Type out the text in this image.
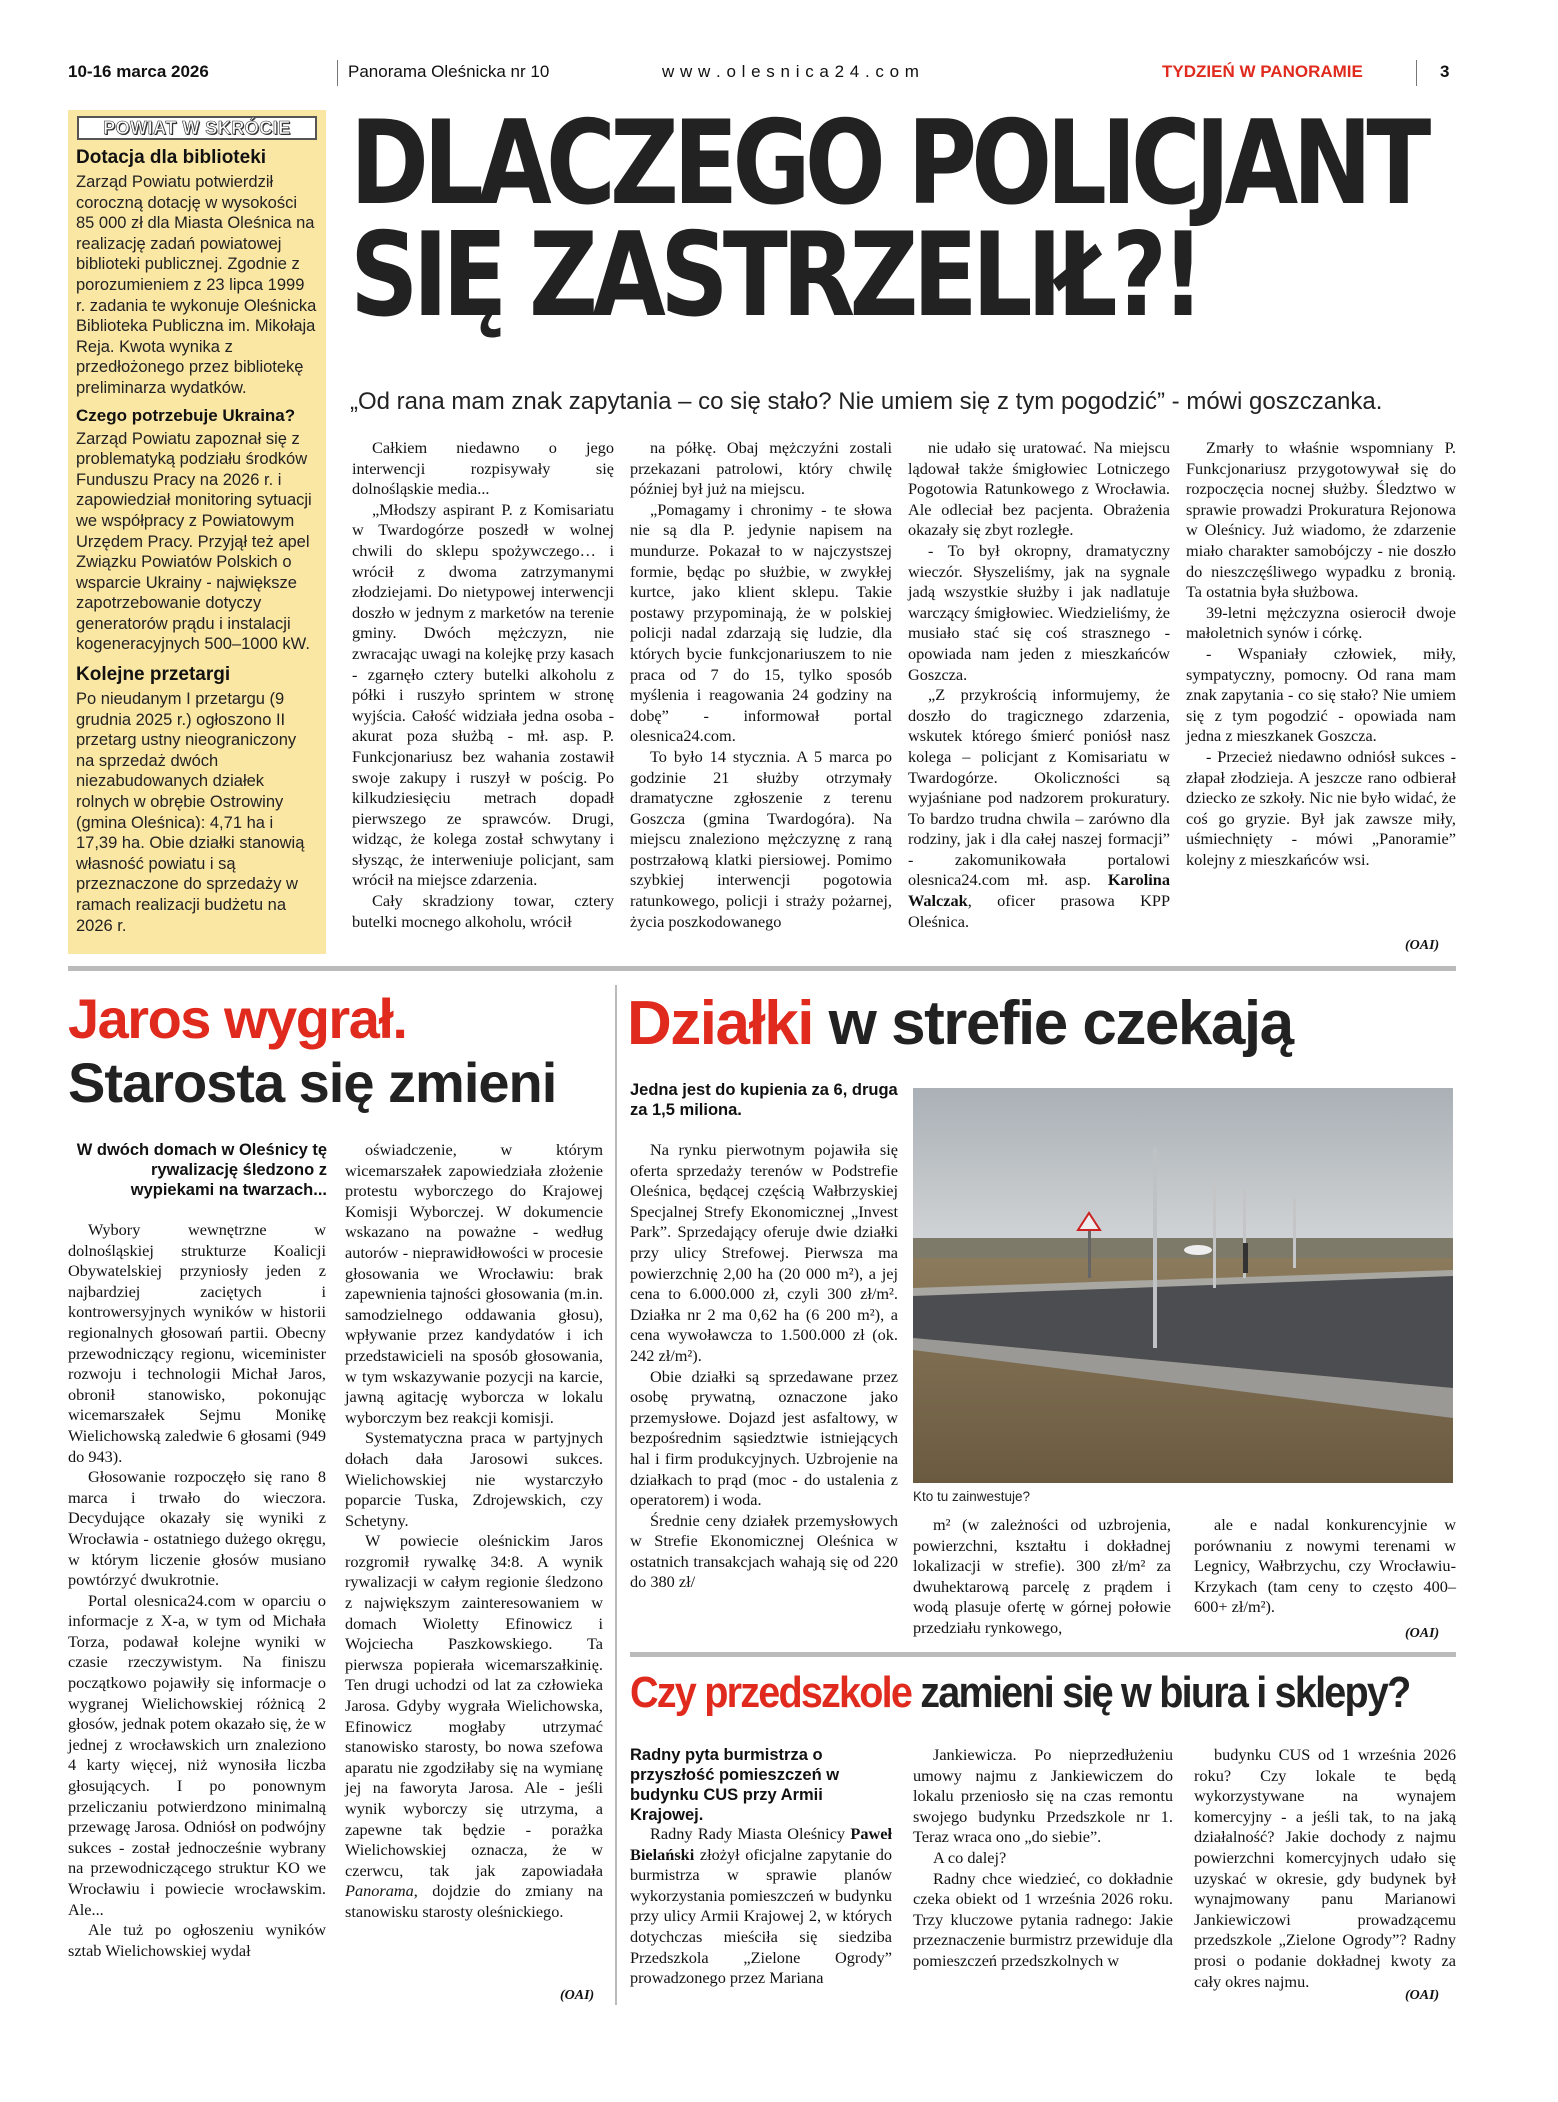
10-16 marca 2026	Panorama Oleśnicka nr 10	w w w . o l e s n i c a 2 4 . c o m	TYDZIEŃ W PANORAMIE	3
POWIAT W SKRÓCIE
Dotacja dla biblioteki
Zarząd Powiatu potwierdził coroczną dotację w wysokości 85 000 zł dla Miasta Oleśnica na realizację zadań powiatowej biblioteki publicznej. Zgodnie z porozumieniem z 23 lipca 1999 r. zadania te wykonuje Oleśnicka Biblioteka Publiczna im. Mikołaja Reja. Kwota wynika z przedłożonego przez bibliotekę preliminarza wydatków.
Czego potrzebuje Ukraina?
Zarząd Powiatu zapoznał się z problematyką podziału środków Funduszu Pracy na 2026 r. i zapowiedział monitoring sytuacji we współpracy z Powiatowym Urzędem Pracy. Przyjął też apel Związku Powiatów Polskich o wsparcie Ukrainy - największe zapotrzebowanie dotyczy generatorów prądu i instalacji kogeneracyjnych 500–1000 kW.
Kolejne przetargi
Po nieudanym I przetargu (9 grudnia 2025 r.) ogłoszono II przetarg ustny nieograniczony na sprzedaż dwóch niezabudowanych działek rolnych w obrębie Ostrowiny (gmina Oleśnica): 4,71 ha i 17,39 ha. Obie działki stanowią własność powiatu i są przeznaczone do sprzedaży w ramach realizacji budżetu na 2026 r.
DLACZEGO POLICJANT
SIĘ ZASTRZELIŁ?!
„Od rana mam znak zapytania – co się stało? Nie umiem się z tym pogodzić” - mówi goszczanka.

Całkiem niedawno o jego interwencji rozpisywały się dolnośląskie media...

„Młodszy aspirant P. z Komisariatu w Twardogórze poszedł w wolnej chwili do sklepu spożywczego… i wrócił z dwoma zatrzymanymi złodziejami. Do nietypowej interwencji doszło w jednym z marketów na terenie gminy. Dwóch mężczyzn, nie zwracając uwagi na kolejkę przy kasach - zgarnęło cztery butelki alkoholu z półki i ruszyło sprintem w stronę wyjścia. Całość widziała jedna osoba - akurat poza służbą - mł. asp. P. Funkcjonariusz bez wahania zostawił swoje zakupy i ruszył w pościg. Po kilkudziesięciu metrach dopadł pierwszego ze sprawców. Drugi, widząc, że kolega został schwytany i słysząc, że interweniuje policjant, sam wrócił na miejsce zdarzenia.

Cały skradziony towar, cztery butelki mocnego alkoholu, wrócił

na półkę. Obaj mężczyźni zostali przekazani patrolowi, który chwilę później był już na miejscu.

„Pomagamy i chronimy - te słowa nie są dla P. jedynie napisem na mundurze. Pokazał to w najczystszej formie, będąc po służbie, w zwykłej kurtce, jako klient sklepu. Takie postawy przypominają, że w polskiej policji nadal zdarzają się ludzie, dla których bycie funkcjonariuszem to nie praca od 7 do 15, tylko sposób myślenia i reagowania 24 godziny na dobę” - informował portal olesnica24.com.

To było 14 stycznia. A 5 marca po godzinie 21 służby otrzymały dramatyczne zgłoszenie z terenu Goszcza (gmina Twardogóra). Na miejscu znaleziono mężczyznę z raną postrzałową klatki piersiowej. Pomimo szybkiej interwencji pogotowia ratunkowego, policji i straży pożarnej, życia poszkodowanego

nie udało się uratować. Na miejscu lądował także śmigłowiec Lotniczego Pogotowia Ratunkowego z Wrocławia. Ale odleciał bez pacjenta. Obrażenia okazały się zbyt rozległe.

- To był okropny, dramatyczny wieczór. Słyszeliśmy, jak na sygnale jadą wszystkie służby i jak nadlatuje warczący śmigłowiec. Wiedzieliśmy, że musiało stać się coś strasznego - opowiada nam jeden z mieszkańców Goszcza.

„Z przykrością informujemy, że doszło do tragicznego zdarzenia, wskutek którego śmierć poniósł nasz kolega – policjant z Komisariatu w Twardogórze. Okoliczności są wyjaśniane pod nadzorem prokuratury. To bardzo trudna chwila – zarówno dla rodziny, jak i dla całej naszej formacji” - zakomunikowała portalowi olesnica24.com mł. asp. Karolina Walczak, oficer prasowa KPP Oleśnica.

Zmarły to właśnie wspomniany P. Funkcjonariusz przygotowywał się do rozpoczęcia nocnej służby. Śledztwo w sprawie prowadzi Prokuratura Rejonowa w Oleśnicy. Już wiadomo, że zdarzenie miało charakter samobójczy - nie doszło do nieszczęśliwego wypadku z bronią. Ta ostatnia była służbowa.

39-letni mężczyzna osierocił dwoje małoletnich synów i córkę.

- Wspaniały człowiek, miły, sympatyczny, pomocny. Od rana mam znak zapytania - co się stało? Nie umiem się z tym pogodzić - opowiada nam jedna z mieszkanek Goszcza.

- Przecież niedawno odniósł sukces - złapał złodzieja. A jeszcze rano odbierał dziecko ze szkoły. Nic nie było widać, że coś go gryzie. Był jak zawsze miły, uśmiechnięty - mówi „Panoramie” kolejny z mieszkańców wsi.

(OAI)
Jaros wygrał.
Starosta się zmieni
W dwóch domach w Oleśnicy tę rywalizację śledzono z wypiekami na twarzach...

Wybory wewnętrzne w dolnośląskiej strukturze Koalicji Obywatelskiej przyniosły jeden z najbardziej zaciętych i kontrowersyjnych wyników w historii regionalnych głosowań partii. Obecny przewodniczący regionu, wiceminister rozwoju i technologii Michał Jaros, obronił stanowisko, pokonując wicemarszałek Sejmu Monikę Wielichowską zaledwie 6 głosami (949 do 943).

Głosowanie rozpoczęło się rano 8 marca i trwało do wieczora. Decydujące okazały się wyniki z Wrocławia - ostatniego dużego okręgu, w którym liczenie głosów musiano powtórzyć dwukrotnie.

Portal olesnica24.com w oparciu o informacje z X-a, w tym od Michała Torza, podawał kolejne wyniki w czasie rzeczywistym. Na finiszu początkowo pojawiły się informacje o wygranej Wielichowskiej różnicą 2 głosów, jednak potem okazało się, że w jednej z wrocławskich urn znaleziono 4 karty więcej, niż wynosiła liczba głosujących. I po ponownym przeliczaniu potwierdzono minimalną przewagę Jarosa. Odniósł on podwójny sukces - został jednocześnie wybrany na przewodniczącego struktur KO we Wrocławiu i powiecie wrocławskim. Ale...

Ale tuż po ogłoszeniu wyników sztab Wielichowskiej wydał

oświadczenie, w którym wicemarszałek zapowiedziała złożenie protestu wyborczego do Krajowej Komisji Wyborczej. W dokumencie wskazano na poważne - według autorów - nieprawidłowości w procesie głosowania we Wrocławiu: brak zapewnienia tajności głosowania (m.in. samodzielnego oddawania głosu), wpływanie przez kandydatów i ich przedstawicieli na sposób głosowania, w tym wskazywanie pozycji na karcie, jawną agitację wyborcza w lokalu wyborczym bez reakcji komisji.

Systematyczna praca w partyjnych dołach dała Jarosowi sukces. Wielichowskiej nie wystarczyło poparcie Tuska, Zdrojewskich, czy Schetyny.

W powiecie oleśnickim Jaros rozgromił rywalkę 34:8. A wynik rywalizacji w całym regionie śledzono z największym zainteresowaniem w domach Wioletty Efinowicz i Wojciecha Paszkowskiego. Ta pierwsza popierała wicemarszałkinię. Ten drugi uchodzi od lat za człowieka Jarosa. Gdyby wygrała Wielichowska, Efinowicz mogłaby utrzymać stanowisko starosty, bo nowa szefowa aparatu nie zgodziłaby się na wymianę jej na faworyta Jarosa. Ale - jeśli wynik wyborczy się utrzyma, a zapewne tak będzie - porażka Wielichowskiej oznacza, że w czerwcu, tak jak zapowiadała Panorama, dojdzie do zmiany na stanowisku starosty oleśnickiego.

(OAI)
Działki w strefie czekają
Jedna jest do kupienia za 6, druga za 1,5 miliona.

Na rynku pierwotnym pojawiła się oferta sprzedaży terenów w Podstrefie Oleśnica, będącej częścią Wałbrzyskiej Specjalnej Strefy Ekonomicznej „Invest Park”. Sprzedający oferuje dwie działki przy ulicy Strefowej. Pierwsza ma powierzchnię 2,00 ha (20 000 m²), a jej cena to 6.000.000 zł, czyli 300 zł/m². Działka nr 2 ma 0,62 ha (6 200 m²), a cena wywoławcza to 1.500.000 zł (ok. 242 zł/m²).

Obie działki są sprzedawane przez osobę prywatną, oznaczone jako przemysłowe. Dojazd jest asfaltowy, w bezpośrednim sąsiedztwie istniejących hal i firm produkcyjnych. Uzbrojenie na działkach to prąd (moc - do ustalenia z operatorem) i woda.

Średnie ceny działek przemysłowych w Strefie Ekonomicznej Oleśnica w ostatnich transakcjach wahają się od 220 do 380 zł/

Kto tu zainwestuje?

m² (w zależności od uzbrojenia, powierzchni, kształtu i dokładnej lokalizacji w strefie). 300 zł/m² za dwuhektarową parcelę z prądem i wodą plasuje ofertę w górnej połowie przedziału rynkowego,

ale e nadal konkurencyjnie w porównaniu z nowymi terenami w Legnicy, Wałbrzychu, czy Wrocławiu-Krzykach (tam ceny to często 400–600+ zł/m²).

(OAI)
Czy przedszkole zamieni się w biura i sklepy?
Radny pyta burmistrza o przyszłość pomieszczeń w budynku CUS przy Armii Krajowej.

Radny Rady Miasta Oleśnicy Paweł Bielański złożył oficjalne zapytanie do burmistrza w sprawie planów wykorzystania pomieszczeń w budynku przy ulicy Armii Krajowej 2, w których dotychczas mieściła się siedziba Przedszkola „Zielone Ogrody” prowadzonego przez Mariana

Jankiewicza. Po nieprzedłużeniu umowy najmu z Jankiewiczem do lokalu przeniosło się na czas remontu swojego budynku Przedszkole nr 1. Teraz wraca ono „do siebie”.

A co dalej?

Radny chce wiedzieć, co dokładnie czeka obiekt od 1 września 2026 roku. Trzy kluczowe pytania radnego: Jakie przeznaczenie burmistrz przewiduje dla pomieszczeń przedszkolnych w

budynku CUS od 1 września 2026 roku? Czy lokale te będą wykorzystywane na wynajem komercyjny - a jeśli tak, to na jaką działalność? Jakie dochody z najmu powierzchni komercyjnych udało się uzyskać w okresie, gdy budynek był wynajmowany panu Marianowi Jankiewiczowi prowadzącemu przedszkole „Zielone Ogrody”? Radny prosi o podanie dokładnej kwoty za cały okres najmu.

(OAI)
